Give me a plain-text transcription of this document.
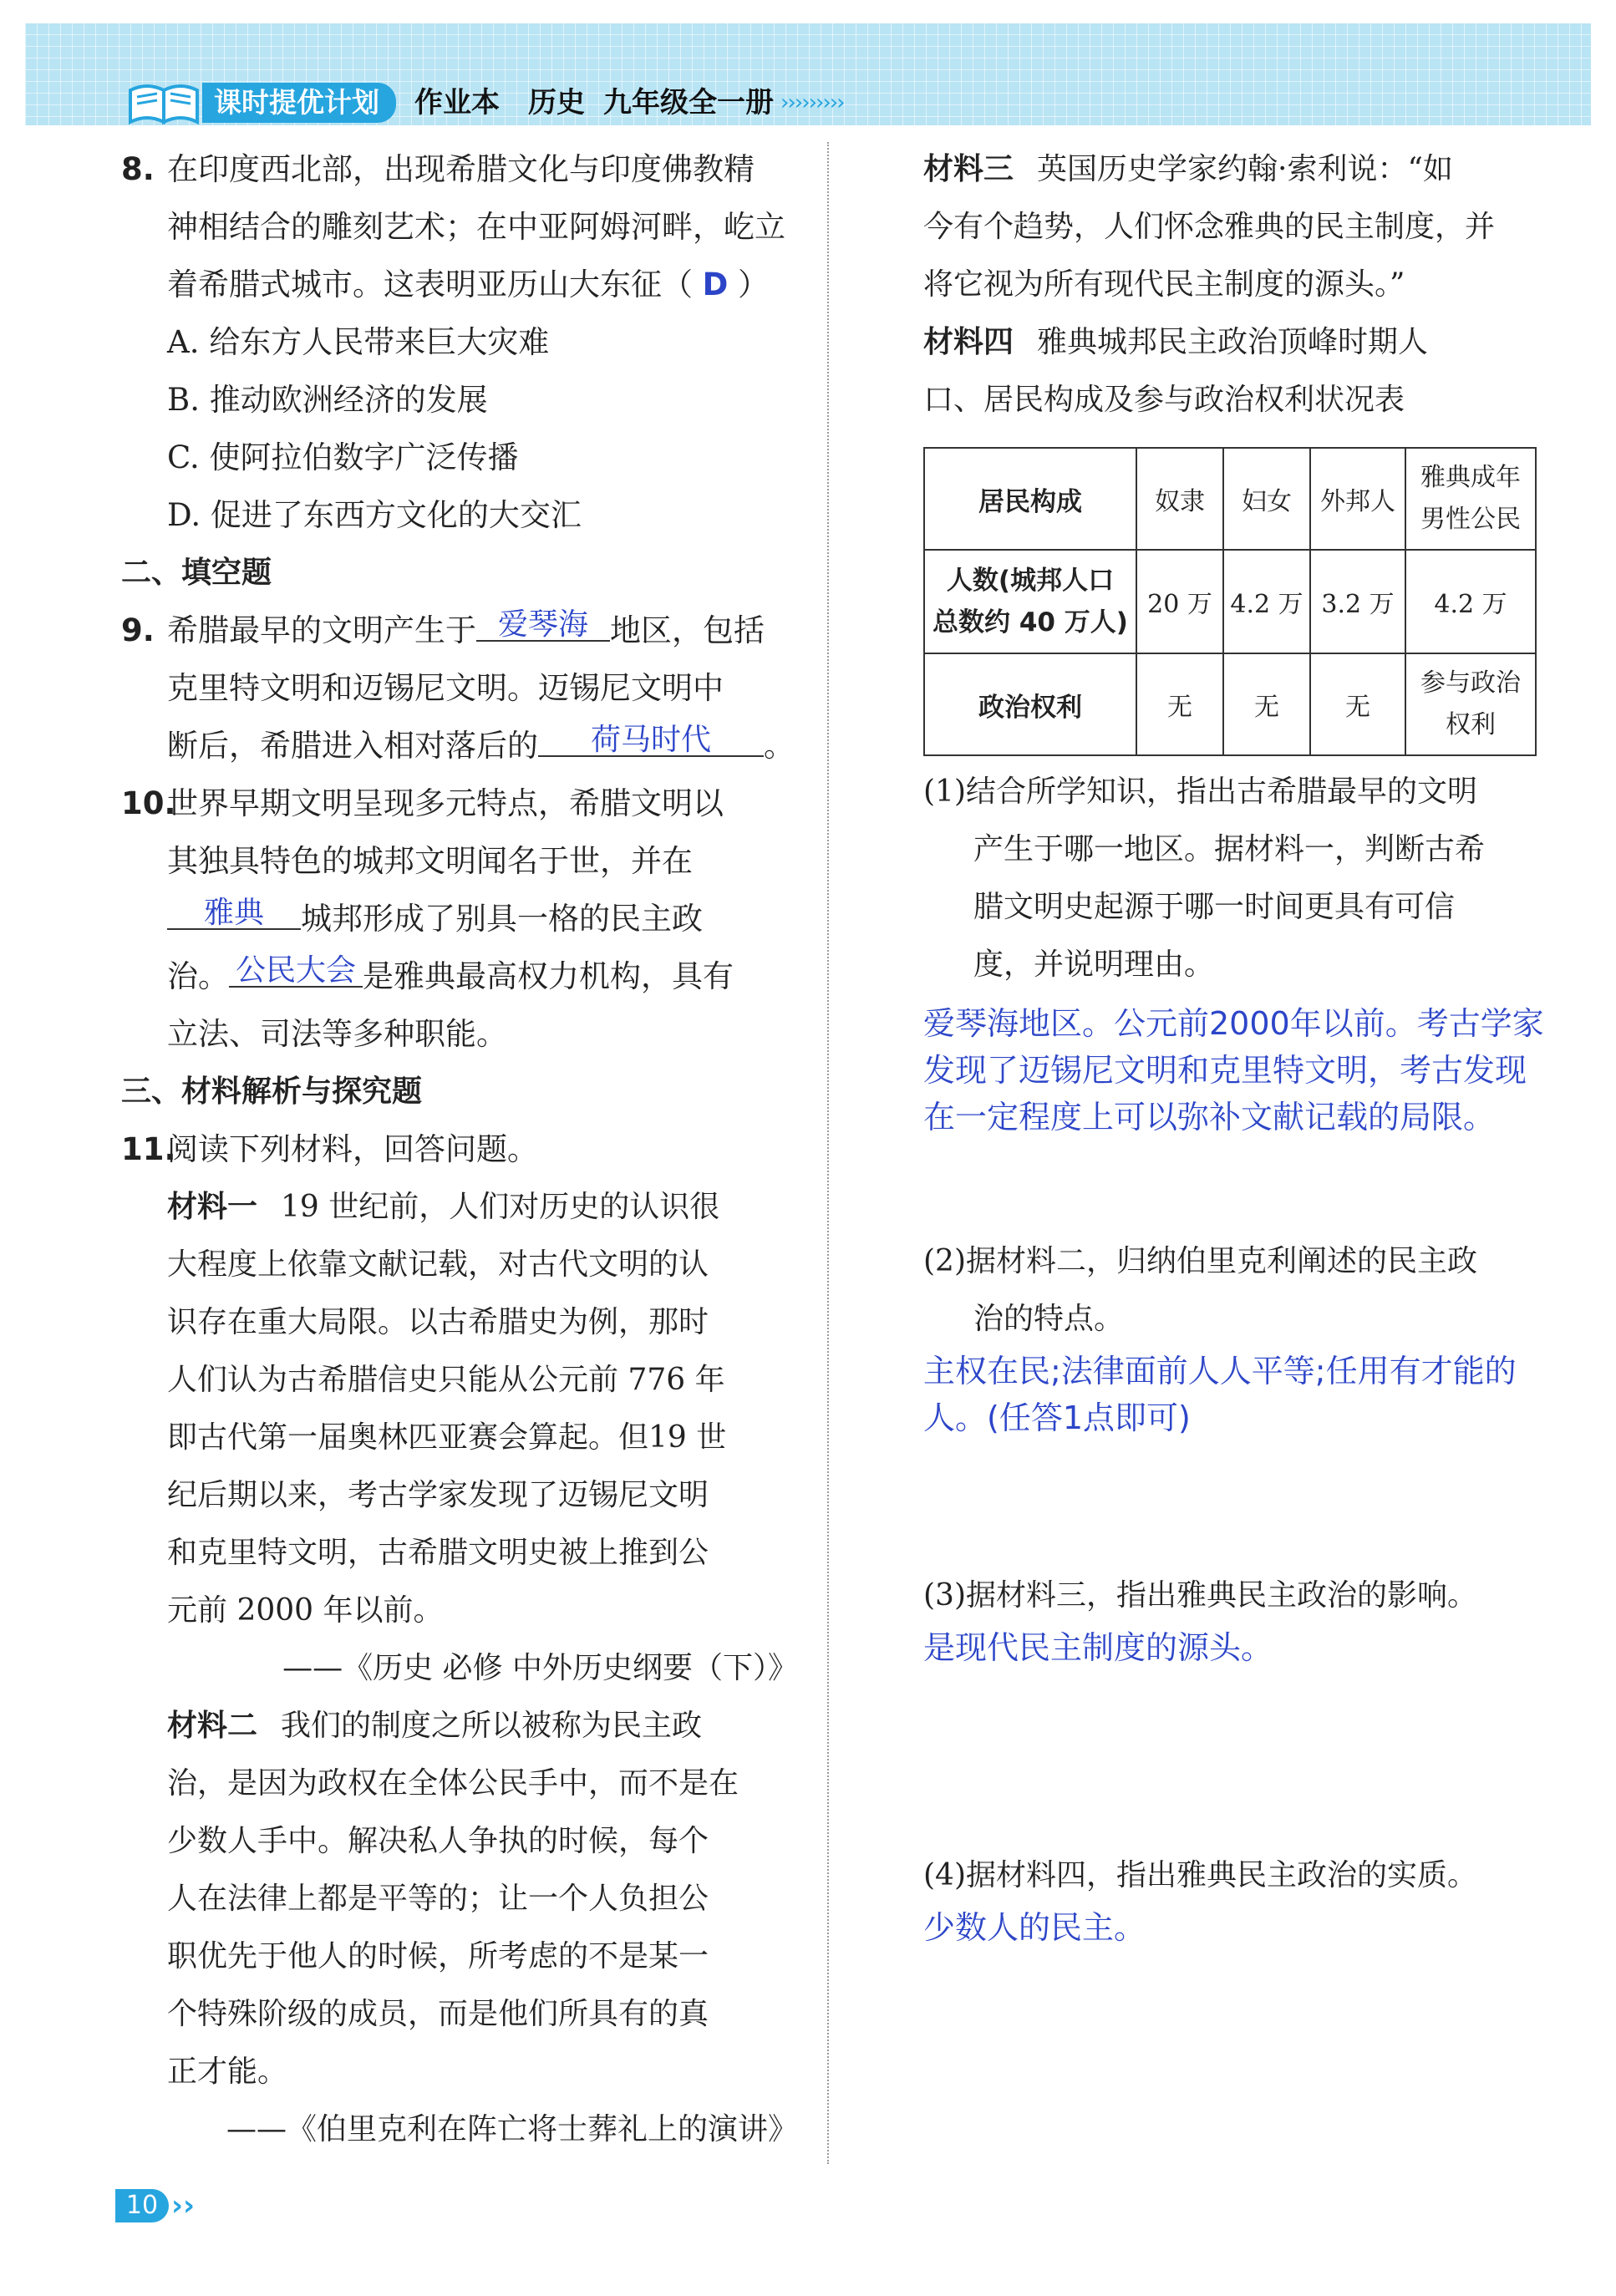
课时提优计划	作业本 历史 九年级全一册 ›››››››››
8. 在印度西北部，出现希腊文化与印度佛教精
神相结合的雕刻艺术；在中亚阿姆河畔，屹立
着希腊式城市。这表明亚历山大东征（ D ）
A. 给东方人民带来巨大灾难
B. 推动欧洲经济的发展
C. 使阿拉伯数字广泛传播
D. 促进了东西方文化的大交汇
二、填空题
9. 希腊最早的文明产生于 爱琴海 地区，包括
克里特文明和迈锡尼文明。迈锡尼文明中
断后，希腊进入相对落后的 荷马时代 。
10.世界早期文明呈现多元特点，希腊文明以
其独具特色的城邦文明闻名于世，并在
雅典 城邦形成了别具一格的民主政
治。 公民大会 是雅典最高权力机构，具有
立法、司法等多种职能。
三、材料解析与探究题
11.阅读下列材料，回答问题。
材料一 19 世纪前，人们对历史的认识很
大程度上依靠文献记载，对古代文明的认
识存在重大局限。以古希腊史为例，那时
人们认为古希腊信史只能从公元前 776 年
即古代第一届奥林匹亚赛会算起。但19 世
纪后期以来，考古学家发现了迈锡尼文明
和克里特文明，古希腊文明史被上推到公
元前 2000 年以前。
——《历史 必修 中外历史纲要（下）》
材料二 我们的制度之所以被称为民主政
治，是因为政权在全体公民手中，而不是在
少数人手中。解决私人争执的时候，每个
人在法律上都是平等的；让一个人负担公
职优先于他人的时候，所考虑的不是某一
个特殊阶级的成员，而是他们所具有的真
正才能。
——《伯里克利在阵亡将士葬礼上的演讲》
材料三 英国历史学家约翰·索利说：“如
今有个趋势，人们怀念雅典的民主制度，并
将它视为所有现代民主制度的源头。”
材料四 雅典城邦民主政治顶峰时期人
口、居民构成及参与政治权利状况表
居民构成	奴隶	妇女	外邦人	雅典成年
男性公民

人数(城邦人口
总数约 40 万人)	20 万	4.2 万	3.2 万	4.2 万
政治权利	无	无	无	参与政治
权利
(1)结合所学知识，指出古希腊最早的文明
产生于哪一地区。据材料一，判断古希
腊文明史起源于哪一时间更具有可信
度，并说明理由。
爱琴海地区。公元前2000年以前。考古学家
发现了迈锡尼文明和克里特文明，考古发现
在一定程度上可以弥补文献记载的局限。
(2)据材料二，归纳伯里克利阐述的民主政
治的特点。
主权在民;法律面前人人平等;任用有才能的
人。(任答1点即可)
(3)据材料三，指出雅典民主政治的影响。
是现代民主制度的源头。
(4)据材料四，指出雅典民主政治的实质。
少数人的民主。
10 ››
